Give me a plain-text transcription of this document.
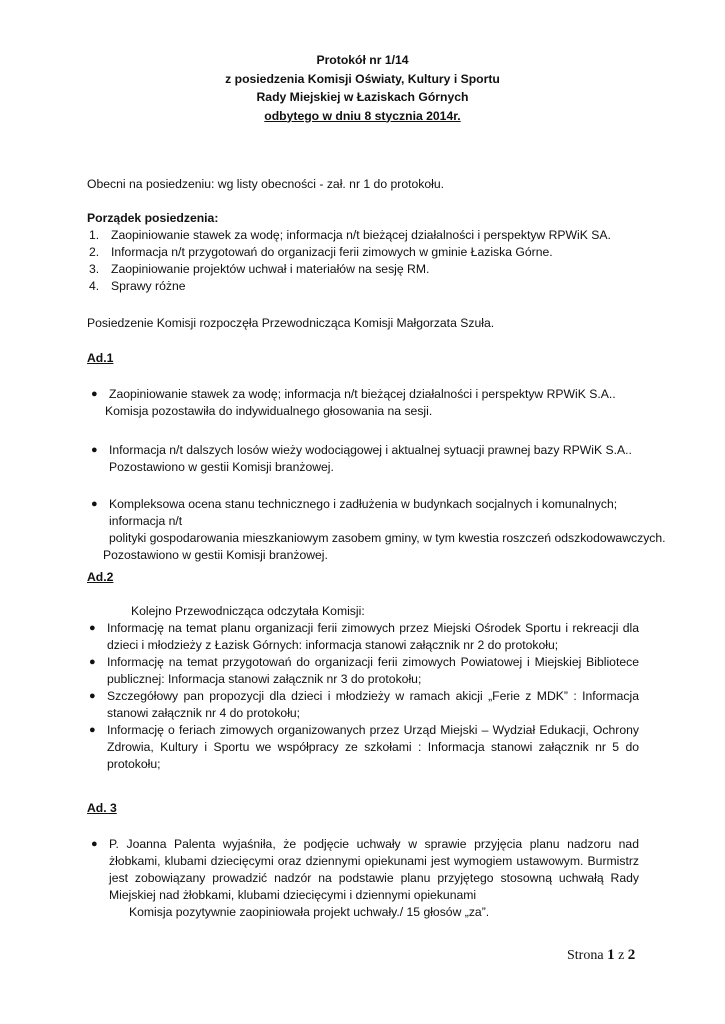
Protokół nr 1/14
z posiedzenia Komisji Oświaty, Kultury i Sportu
Rady Miejskiej w Łaziskach Górnych
odbytego w dniu 8 stycznia 2014r.
Obecni na posiedzeniu: wg listy obecności - zał. nr 1 do protokołu.
Porządek posiedzenia:
1. Zaopiniowanie stawek za wodę; informacja n/t bieżącej działalności i perspektyw RPWiK SA.
2. Informacja n/t przygotowań do organizacji ferii zimowych w gminie Łaziska Górne.
3. Zaopiniowanie projektów uchwał i materiałów na sesję RM.
4. Sprawy różne
Posiedzenie Komisji rozpoczęła Przewodnicząca Komisji Małgorzata Szuła.
Ad.1
● Zaopiniowanie stawek za wodę; informacja n/t bieżącej działalności i perspektyw RPWiK S.A..
Komisja pozostawiła do indywidualnego głosowania na sesji.
● Informacja n/t dalszych losów wieży wodociągowej i aktualnej sytuacji prawnej bazy RPWiK S.A..
Pozostawiono w gestii Komisji branżowej.
● Kompleksowa ocena stanu technicznego i zadłużenia w budynkach socjalnych i komunalnych; informacja n/t
polityki gospodarowania mieszkaniowym zasobem gminy, w tym kwestia roszczeń odszkodowawczych.
Pozostawiono w gestii Komisji branżowej.
Ad.2
Kolejno Przewodnicząca odczytała Komisji:
● Informację na temat planu organizacji ferii zimowych przez Miejski Ośrodek Sportu i rekreacji dla dzieci i młodzieży z Łazisk Górnych: informacja stanowi załącznik nr 2 do protokołu;
● Informację na temat przygotowań do organizacji ferii zimowych Powiatowej i Miejskiej Bibliotece publicznej: Informacja stanowi załącznik nr 3 do protokołu;
● Szczegółowy pan propozycji dla dzieci i młodzieży w ramach akicji „Ferie z MDK” : Informacja stanowi załącznik nr 4 do protokołu;
● Informację o feriach zimowych organizowanych przez Urząd Miejski – Wydział Edukacji, Ochrony Zdrowia, Kultury i Sportu we współpracy ze szkołami : Informacja stanowi załącznik nr 5 do protokołu;
Ad. 3
● P. Joanna Palenta wyjaśniła, że podjęcie uchwały w sprawie przyjęcia planu nadzoru nad żłobkami, klubami dziecięcymi oraz dziennymi opiekunami jest wymogiem ustawowym. Burmistrz jest zobowiązany prowadzić nadzór na podstawie planu przyjętego stosowną uchwałą Rady Miejskiej nad żłobkami, klubami dziecięcymi i dziennymi opiekunami
Komisja pozytywnie zaopiniowała projekt uchwały./ 15 głosów „za”.
Strona 1 z 2
